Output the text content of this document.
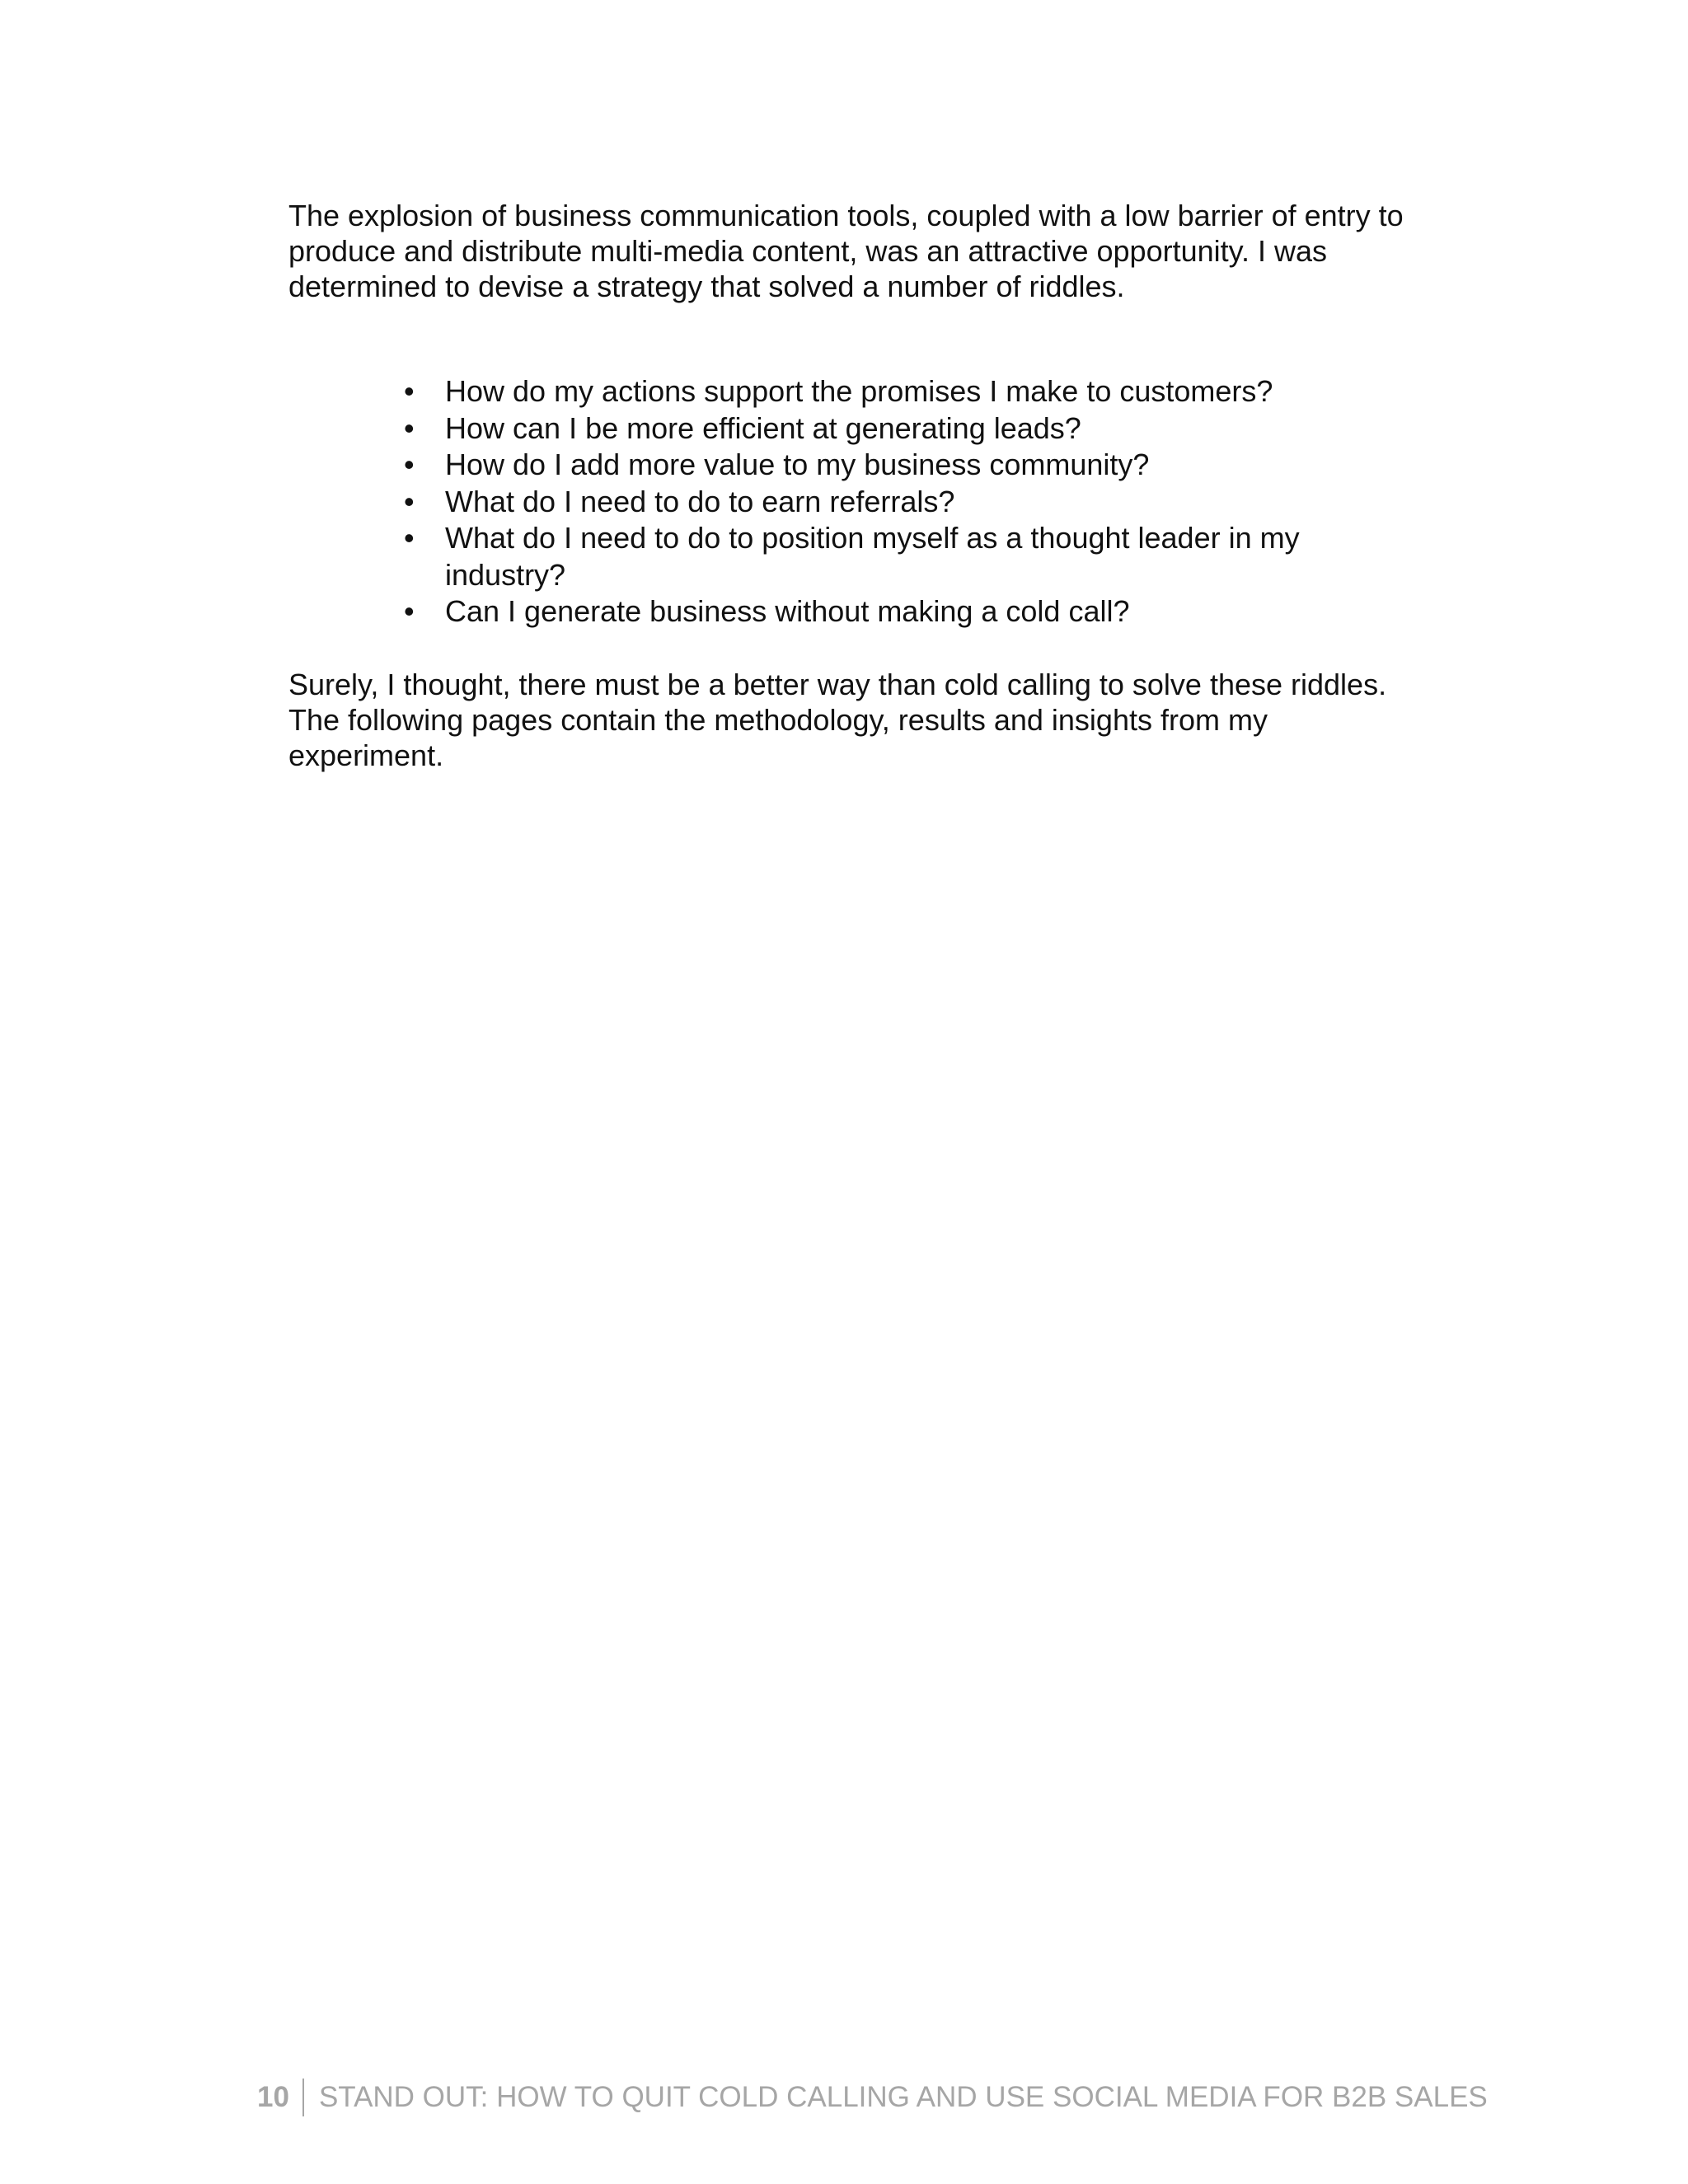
The explosion of business communication tools, coupled with a low barrier of entry to produce and distribute multi-media content, was an attractive opportunity. I was determined to devise a strategy that solved a number of riddles.

•	How do my actions support the promises I make to customers?
•	How can I be more efficient at generating leads?
•	How do I add more value to my business community?
•	What do I need to do to earn referrals?
•	What do I need to do to position myself as a thought leader in my industry?
•	Can I generate business without making a cold call?

Surely, I thought, there must be a better way than cold calling to solve these riddles. The following pages contain the methodology, results and insights from my experiment.

10	STAND OUT: HOW TO QUIT COLD CALLING AND USE SOCIAL MEDIA FOR B2B SALES
